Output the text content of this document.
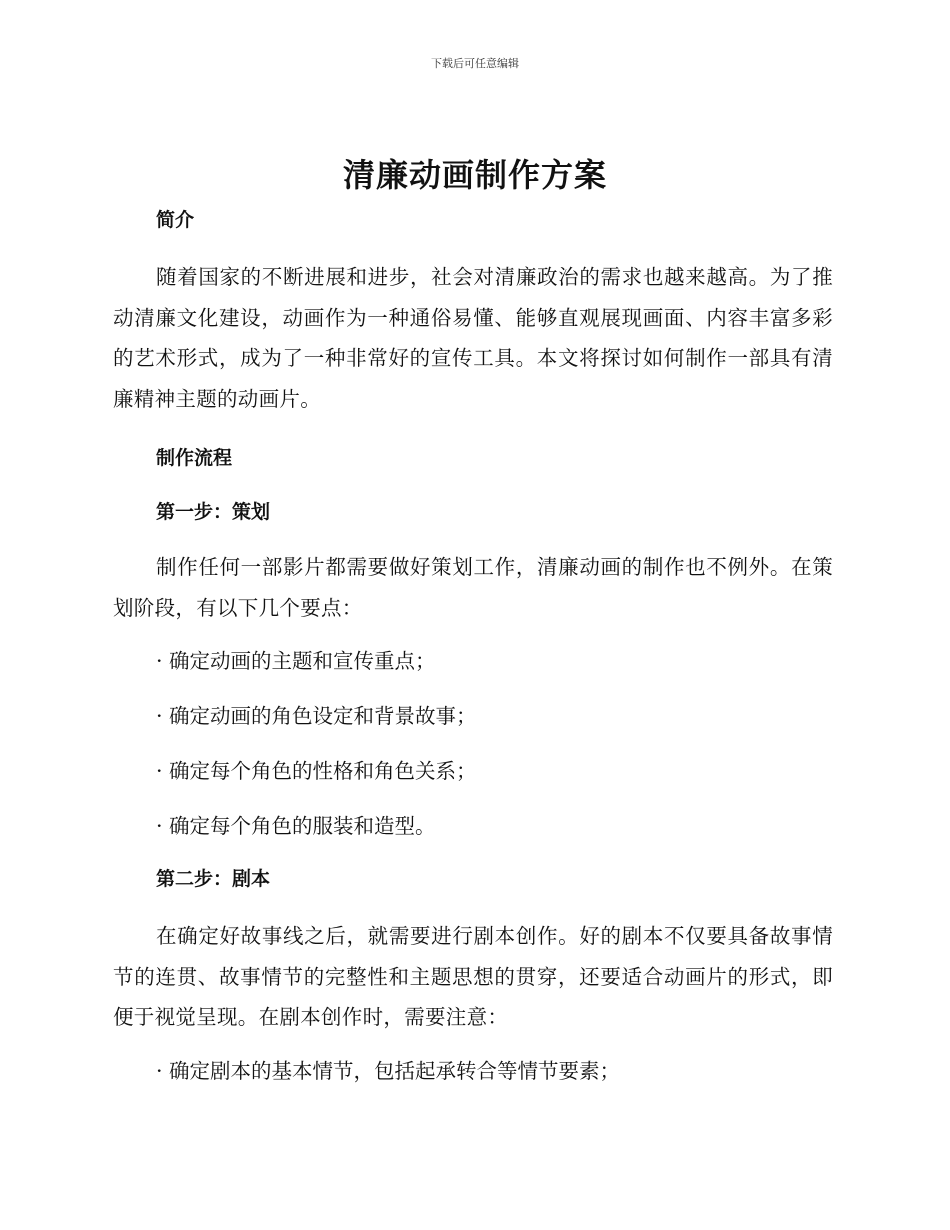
下载后可任意编辑
清廉动画制作方案

简介

随着国家的不断进展和进步，社会对清廉政治的需求也越来越高。为了推动清廉文化建设，动画作为一种通俗易懂、能够直观展现画面、内容丰富多彩的艺术形式，成为了一种非常好的宣传工具。本文将探讨如何制作一部具有清廉精神主题的动画片。

制作流程

第一步：策划

制作任何一部影片都需要做好策划工作，清廉动画的制作也不例外。在策划阶段，有以下几个要点：

· 确定动画的主题和宣传重点；

· 确定动画的角色设定和背景故事；

· 确定每个角色的性格和角色关系；

· 确定每个角色的服装和造型。

第二步：剧本

在确定好故事线之后，就需要进行剧本创作。好的剧本不仅要具备故事情节的连贯、故事情节的完整性和主题思想的贯穿，还要适合动画片的形式，即便于视觉呈现。在剧本创作时，需要注意：

· 确定剧本的基本情节，包括起承转合等情节要素；
